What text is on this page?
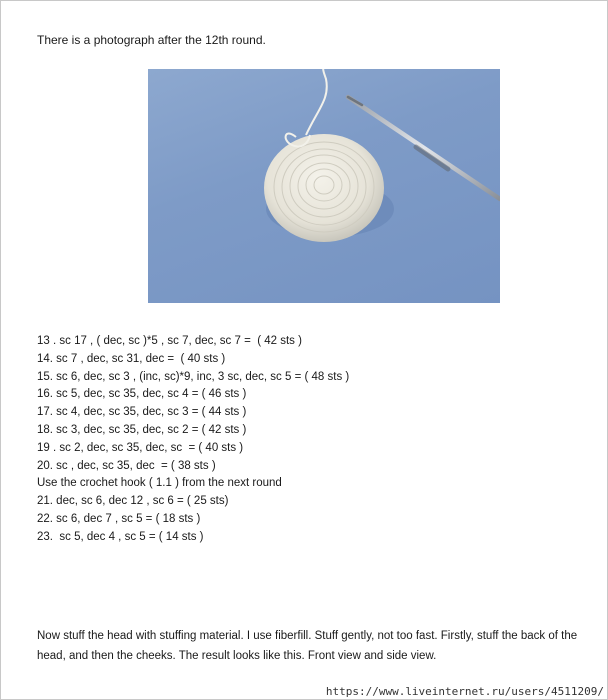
There is a photograph after the 12th round.
13 . sc 17 , ( dec, sc )*5 , sc 7, dec, sc 7 =  ( 42 sts )
14. sc 7 , dec, sc 31, dec =  ( 40 sts )
15. sc 6, dec, sc 3 , (inc, sc)*9, inc, 3 sc, dec, sc 5 = ( 48 sts )
16. sc 5, dec, sc 35, dec, sc 4 = ( 46 sts )
17. sc 4, dec, sc 35, dec, sc 3 = ( 44 sts )
18. sc 3, dec, sc 35, dec, sc 2 = ( 42 sts )
19 . sc 2, dec, sc 35, dec, sc  = ( 40 sts )
20. sc , dec, sc 35, dec  = ( 38 sts )
Use the crochet hook ( 1.1 ) from the next round
21. dec, sc 6, dec 12 , sc 6 = ( 25 sts)
22. sc 6, dec 7 , sc 5 = ( 18 sts )
23.  sc 5, dec 4 , sc 5 = ( 14 sts )
Now stuff the head with stuffing material. I use fiberfill. Stuff gently, not too fast. Firstly, stuff the back of the head, and then the cheeks. The result looks like this. Front view and side view.
https://www.liveinternet.ru/users/4511209/
